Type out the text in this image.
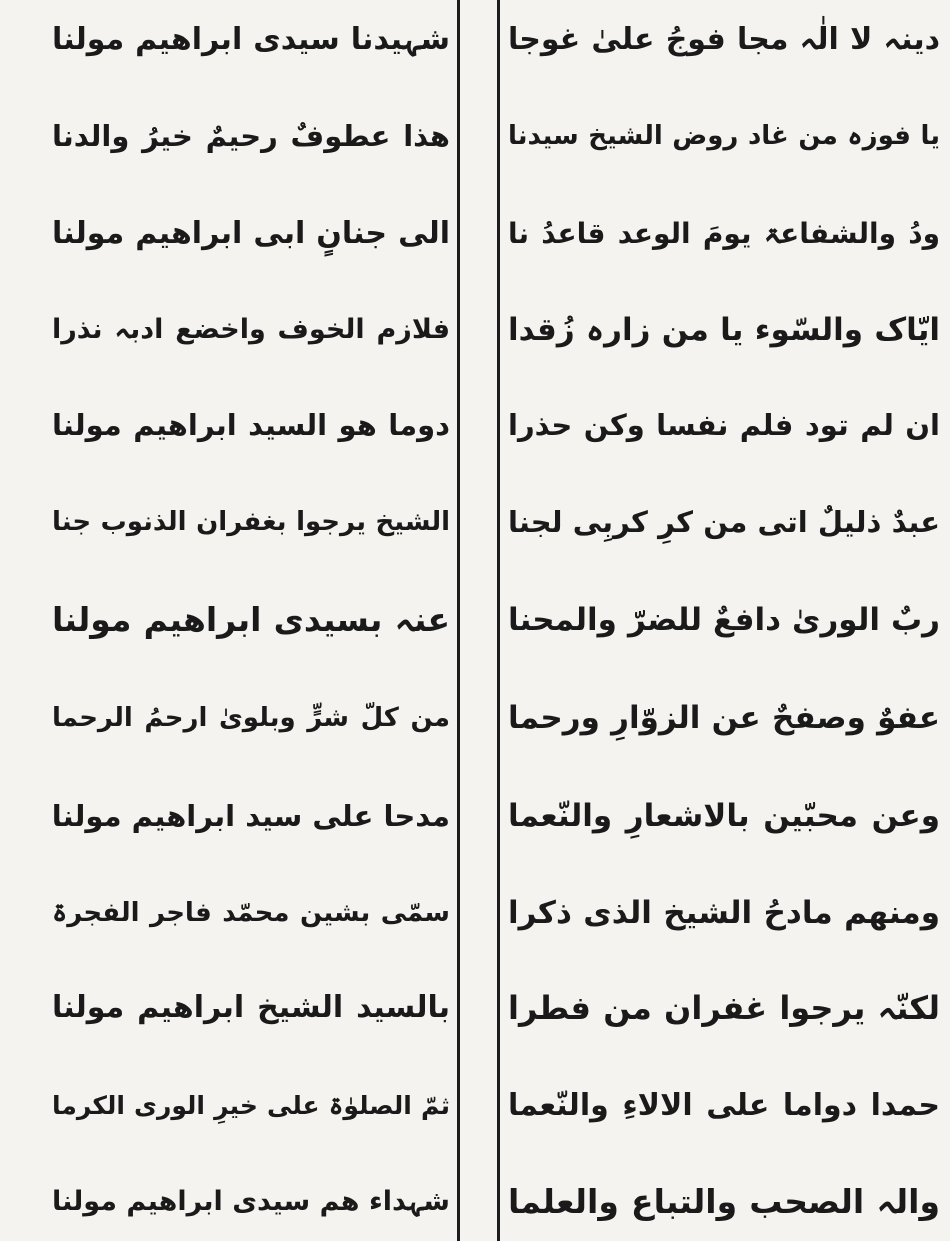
دینہ لا الٰہ مجا فوجُ علیٰ غوجا
یا فوزہ من غاد روض الشیخ سیدنا
ودُ والشفاعۃ یومَ الوعد قاعدُ نا
ایّاک والسّوء یا من زارہ زُقدا
ان لم تود فلم نفسا وکن حذرا
عبدٌ ذلیلٌ اتی من کرِ کربِی لجنا
ربٌ الوریٰ دافعٌ للضرّ والمحنا
عفوٌ وصفحٌ عن الزوّارِ ورحما
وعن محبّین بالاشعارِ والنّعما
ومنھم مادحُ الشیخ الذی ذکرا
لکنّہ یرجوا غفران من فطرا
حمدا دواما علی الالاءِ والنّعما
والہ الصحب والتباع والعلما
شہیدنا سیدی ابراھیم مولنا
ھذا عطوفٌ رحیمٌ خیرُ والدنا
الی جنانٍ ابی ابراھیم مولنا
فلازم الخوف واخضع ادبہ نذرا
دوما ھو السید ابراھیم مولنا
الشیخ یرجوا بغفران الذنوب جنا
عنہ بسیدی ابراھیم مولنا
من کلّ شرٍّ وبلویٰ ارحمُ الرحما
مدحا علی سید ابراھیم مولنا
سمّی بشین محمّد فاجر الفجرۃ
بالسید الشیخ ابراھیم مولنا
ثمّ الصلوٰۃ علی خیرِ الوری الکرما
شہداء ھم سیدی ابراھیم مولنا
